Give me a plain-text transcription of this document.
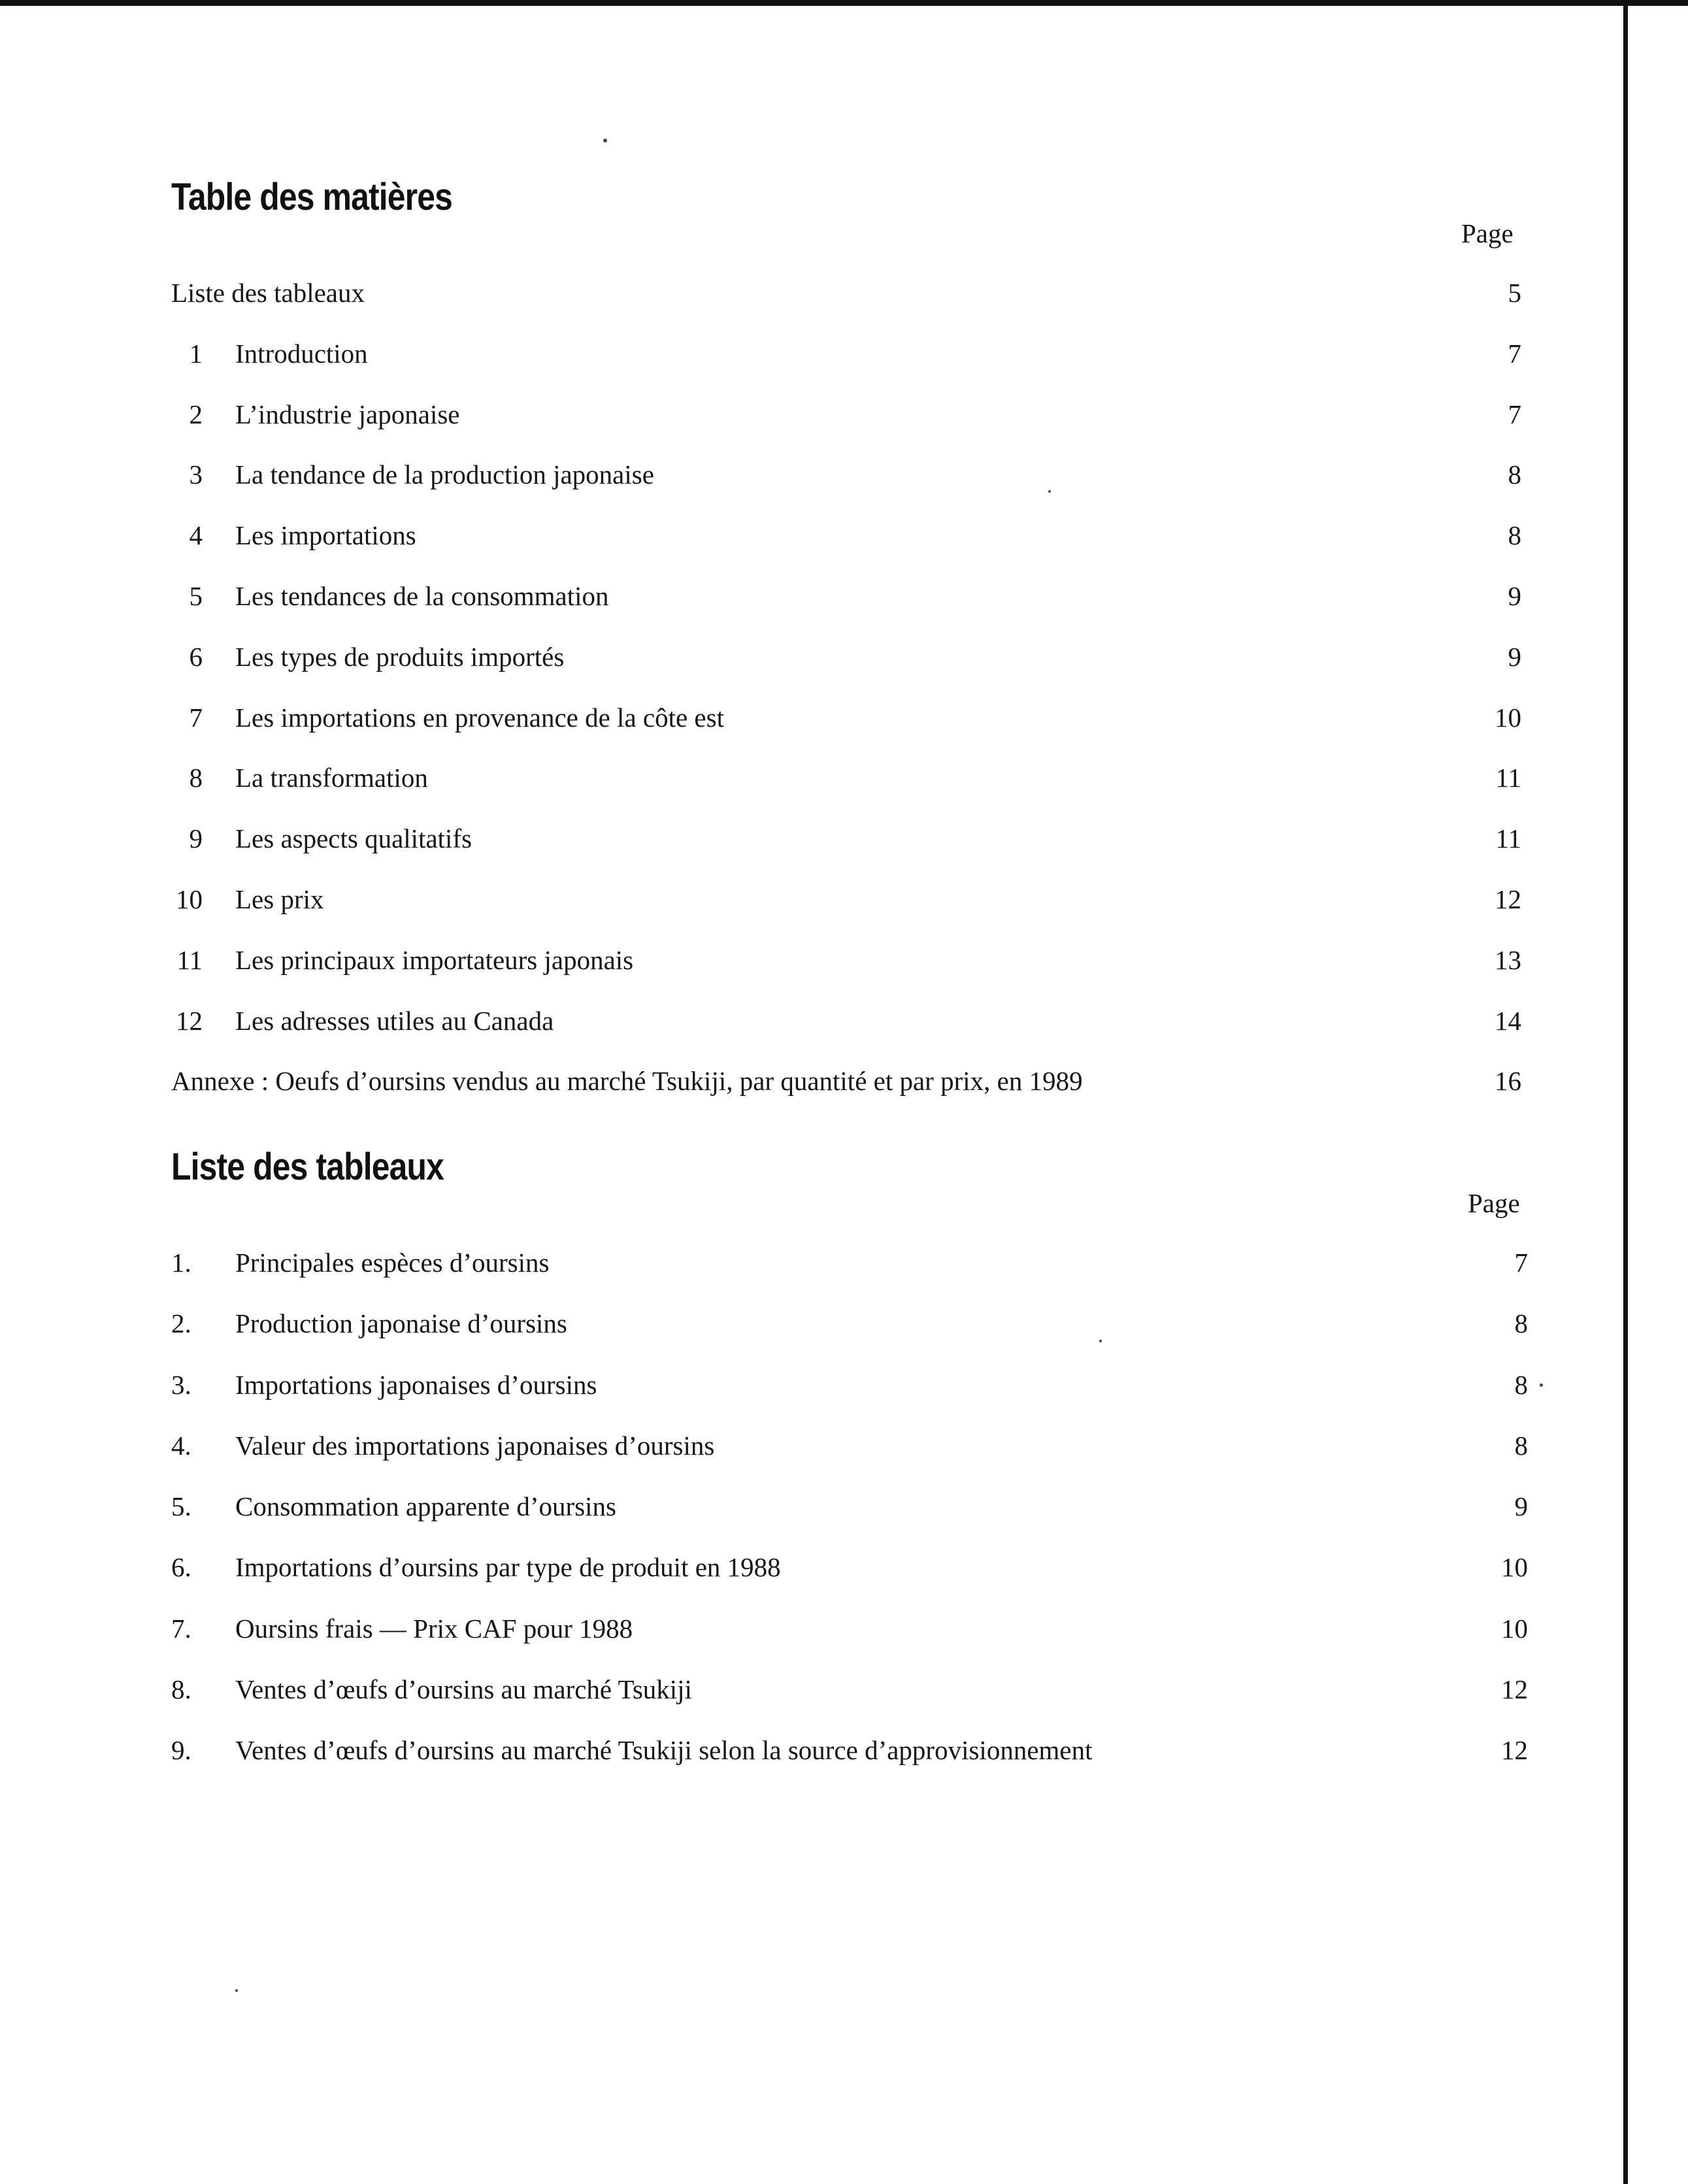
Table des matières
Page
Liste des tableaux	5
1 Introduction	7
2 L’industrie japonaise	7
3 La tendance de la production japonaise	8
4 Les importations	8
5 Les tendances de la consommation	9
6 Les types de produits importés	9
7 Les importations en provenance de la côte est	10
8 La transformation	11
9 Les aspects qualitatifs	11
10 Les prix	12
11 Les principaux importateurs japonais	13
12 Les adresses utiles au Canada	14
Annexe : Oeufs d’oursins vendus au marché Tsukiji, par quantité et par prix, en 1989	16
Liste des tableaux
Page
1.	Principales espèces d’oursins	7
2.	Production japonaise d’oursins	8
3.	Importations japonaises d’oursins	8
4.	Valeur des importations japonaises d’oursins	8
5.	Consommation apparente d’oursins	9
6.	Importations d’oursins par type de produit en 1988	10
7.	Oursins frais — Prix CAF pour 1988	10
8.	Ventes d’œufs d’oursins au marché Tsukiji	12
9.	Ventes d’œufs d’oursins au marché Tsukiji selon la source d’approvisionnement	12
